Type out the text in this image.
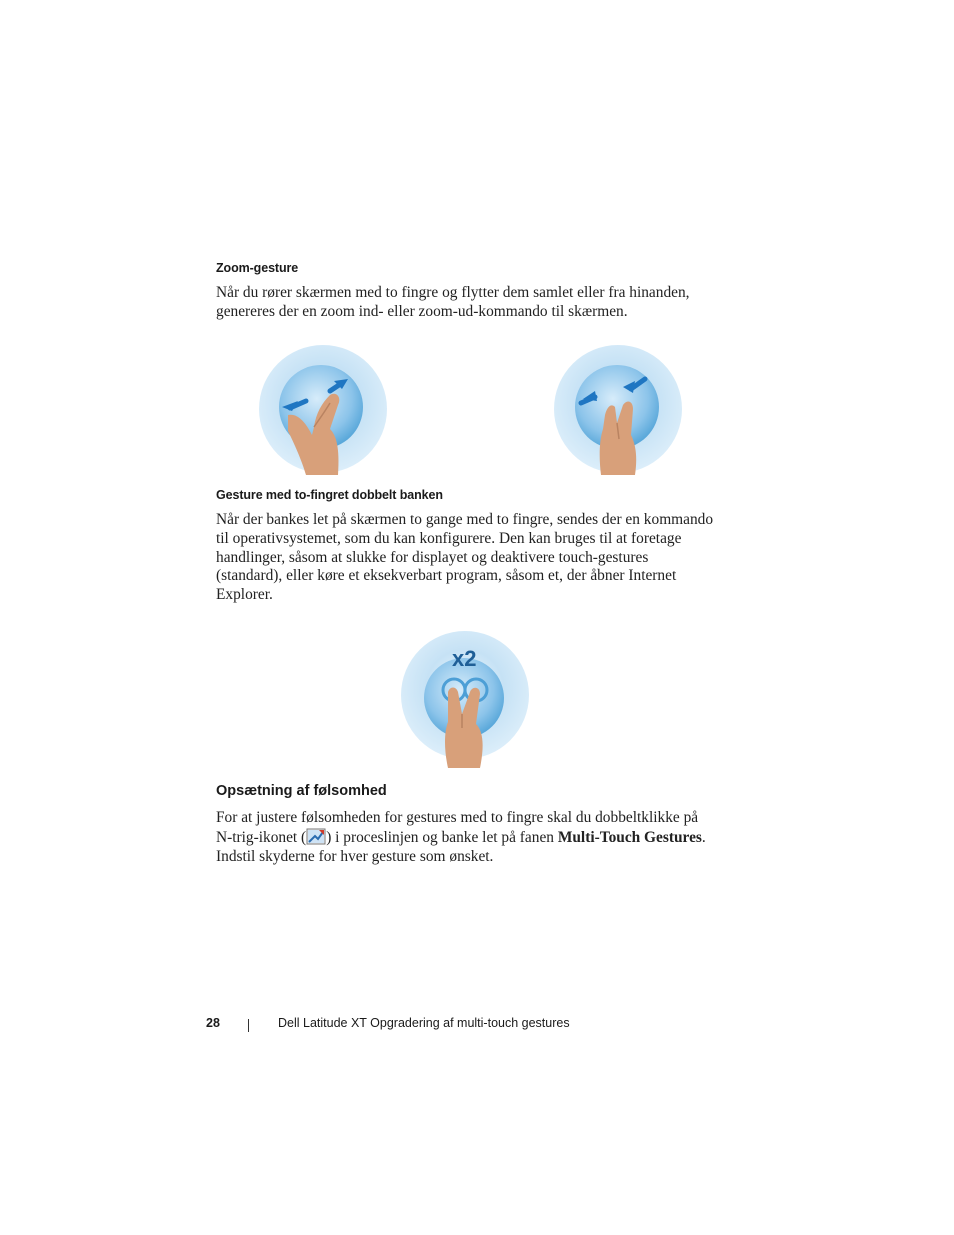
Zoom-gesture

Når du rører skærmen med to fingre og flytter dem samlet eller fra hinanden, genereres der en zoom ind- eller zoom-ud-kommando til skærmen.

Gesture med to-fingret dobbelt banken

Når der bankes let på skærmen to gange med to fingre, sendes der en kommando til operativsystemet, som du kan konfigurere. Den kan bruges til at foretage handlinger, såsom at slukke for displayet og deaktivere touch-gestures (standard), eller køre et eksekverbart program, såsom et, der åbner Internet Explorer.

x2
Opsætning af følsomhed

For at justere følsomheden for gestures med to fingre skal du dobbeltklikke på N-trig-ikonet ( ) i proceslinjen og banke let på fanen Multi-Touch Gestures. Indstil skyderne for hver gesture som ønsket.

28	Dell Latitude XT Opgradering af multi-touch gestures
